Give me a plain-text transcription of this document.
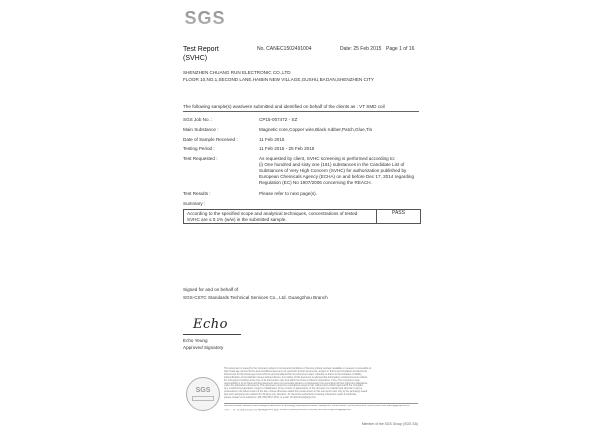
SGS
Test Report
(SVHC)
No. CANEC1502491004	Date: 25 Feb 2015 Page 1 of 16
SHENZHEN CHUANG RUN ELECTRONIC CO.,LTD
FLOOR 10,NO.1,SECOND LANE,HAIBIN NEW VILLAGE,GUSHU,BAOAN,SHENZHEN CITY
The following sample(s) was/were submitted and identified on behalf of the clients as : VT SMD coil
SGS Job No. :	CP15-007472 - SZ
Main Substance :	Magnetic core,Copper wire,Black rubber,Patch,Glue,Tin
Date of Sample Received :	11 Feb 2015
Testing Period :	11 Feb 2015 - 25 Feb 2015
Test Requested :	As requested by client, SVHC screening is performed according to:
(i) One hundred and sixty one (161) substances in the Candidate List of
Substances of Very High Concern (SVHC) for authorization published by
European Chemicals Agency (ECHA) on and before Dec 17, 2014 regarding
Regulation (EC) No 1907/2006 concerning the REACH.
Test Results :	Please refer to next page(s).
Summary :
According to the specified scope and analytical techniques, concentrations of tested
SVHC are ≤ 0.1% (w/w) in the submitted sample.
PASS
Signed for and on behalf of
SGS-CSTC Standards Technical Services Co., Ltd. Guangzhou Branch
Echo
Echo Yeung
Approved Signatory
SGS
This document is issued by the Company subject to its General Conditions of Service printed overleaf, available on request or accessible at
http://www.sgs.com/en/Terms-and-Conditions.aspx and, for electronic format documents, subject to Terms and Conditions for Electronic
Documents at http://www.sgs.com/en/Terms-and-Conditions/Terms-e-Document.aspx. Attention is drawn to the limitation of liability,
indemnification and jurisdiction issues defined therein. Any holder of this document is advised that information contained hereon reflects
the Company's findings at the time of its intervention only and within the limits of Client's instructions, if any. The Company's sole
responsibility is to its Client and this document does not exonerate parties to a transaction from exercising all their rights and obligations
under the transaction documents. This document cannot be reproduced except in full, without prior written approval of the Company.
Any unauthorized alteration, forgery or falsification of the content or appearance of this document is unlawful and offenders may be
prosecuted to the fullest extent of the law. Unless otherwise stated the results shown in this test report refer only to the sample(s) tested
and such sample(s) are retained for 30 days only. Attention: To check the authenticity of testing /inspection report & certificate,
please contact us at telephone: (86-755) 8307 1443, or email: CN.Doccheck@sgs.com
198 Kezhu Road, Scientech Park Guangzhou Economic & Technology Development District, Guangzhou, China 510663 t (86-20) 82155555 f (86-20) 82075113 www.sgsgroup.com.cn
中国 · 广州 · 经济技术开发区科学城科珠路198号 邮编: 510663 t (86-20) 82155555 f (86-20) 82075113 e sgs.china@sgs.com
Member of the SGS Group (SGS SA)
